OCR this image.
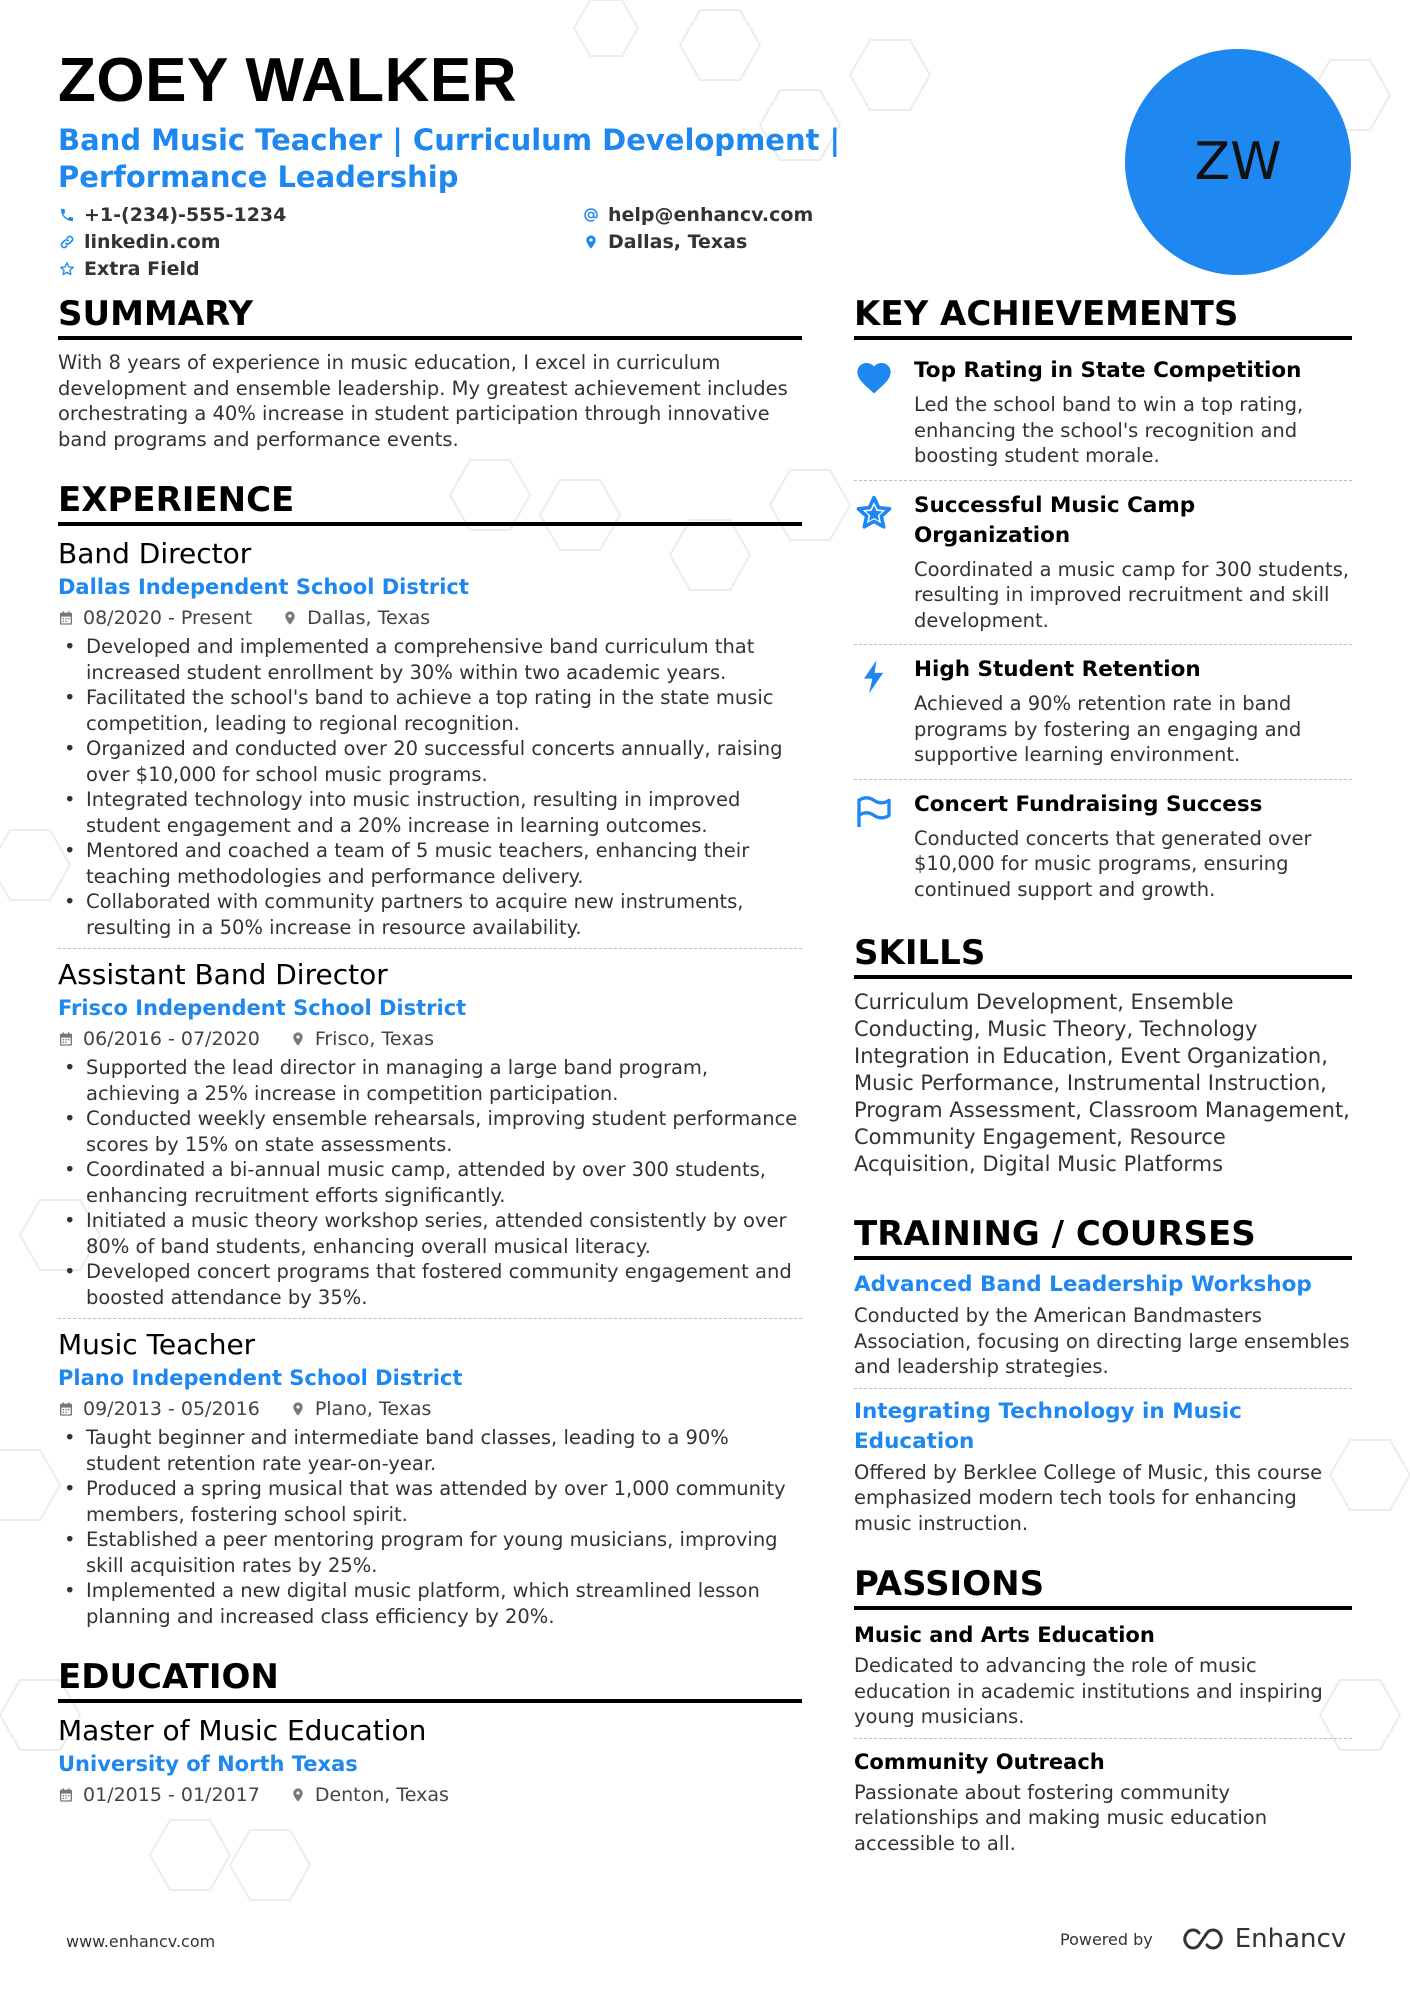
ZOEY WALKER
Band Music Teacher | Curriculum Development | Performance Leadership
+1-(234)-555-1234	help@enhancv.com
linkedin.com	Dallas, Texas
Extra Field
ZW
SUMMARY
With 8 years of experience in music education, I excel in curriculum development and ensemble leadership. My greatest achievement includes orchestrating a 40% increase in student participation through innovative band programs and performance events.
EXPERIENCE
Band Director
Dallas Independent School District
08/2020 - Present	Dallas, Texas
• Developed and implemented a comprehensive band curriculum that increased student enrollment by 30% within two academic years.
• Facilitated the school's band to achieve a top rating in the state music competition, leading to regional recognition.
• Organized and conducted over 20 successful concerts annually, raising over $10,000 for school music programs.
• Integrated technology into music instruction, resulting in improved student engagement and a 20% increase in learning outcomes.
• Mentored and coached a team of 5 music teachers, enhancing their teaching methodologies and performance delivery.
• Collaborated with community partners to acquire new instruments, resulting in a 50% increase in resource availability.
Assistant Band Director
Frisco Independent School District
06/2016 - 07/2020	Frisco, Texas
• Supported the lead director in managing a large band program, achieving a 25% increase in competition participation.
• Conducted weekly ensemble rehearsals, improving student performance scores by 15% on state assessments.
• Coordinated a bi-annual music camp, attended by over 300 students, enhancing recruitment efforts significantly.
• Initiated a music theory workshop series, attended consistently by over 80% of band students, enhancing overall musical literacy.
• Developed concert programs that fostered community engagement and boosted attendance by 35%.
Music Teacher
Plano Independent School District
09/2013 - 05/2016	Plano, Texas
• Taught beginner and intermediate band classes, leading to a 90% student retention rate year-on-year.
• Produced a spring musical that was attended by over 1,000 community members, fostering school spirit.
• Established a peer mentoring program for young musicians, improving skill acquisition rates by 25%.
• Implemented a new digital music platform, which streamlined lesson planning and increased class efficiency by 20%.
EDUCATION
Master of Music Education
University of North Texas
01/2015 - 01/2017	Denton, Texas
KEY ACHIEVEMENTS
Top Rating in State Competition
Led the school band to win a top rating, enhancing the school's recognition and boosting student morale.
Successful Music Camp Organization
Coordinated a music camp for 300 students, resulting in improved recruitment and skill development.
High Student Retention
Achieved a 90% retention rate in band programs by fostering an engaging and supportive learning environment.
Concert Fundraising Success
Conducted concerts that generated over $10,000 for music programs, ensuring continued support and growth.
SKILLS
Curriculum Development, Ensemble Conducting, Music Theory, Technology Integration in Education, Event Organization, Music Performance, Instrumental Instruction, Program Assessment, Classroom Management, Community Engagement, Resource Acquisition, Digital Music Platforms
TRAINING / COURSES
Advanced Band Leadership Workshop
Conducted by the American Bandmasters Association, focusing on directing large ensembles and leadership strategies.
Integrating Technology in Music Education
Offered by Berklee College of Music, this course emphasized modern tech tools for enhancing music instruction.
PASSIONS
Music and Arts Education
Dedicated to advancing the role of music education in academic institutions and inspiring young musicians.
Community Outreach
Passionate about fostering community relationships and making music education accessible to all.
www.enhancv.com	Powered by	Enhancv
